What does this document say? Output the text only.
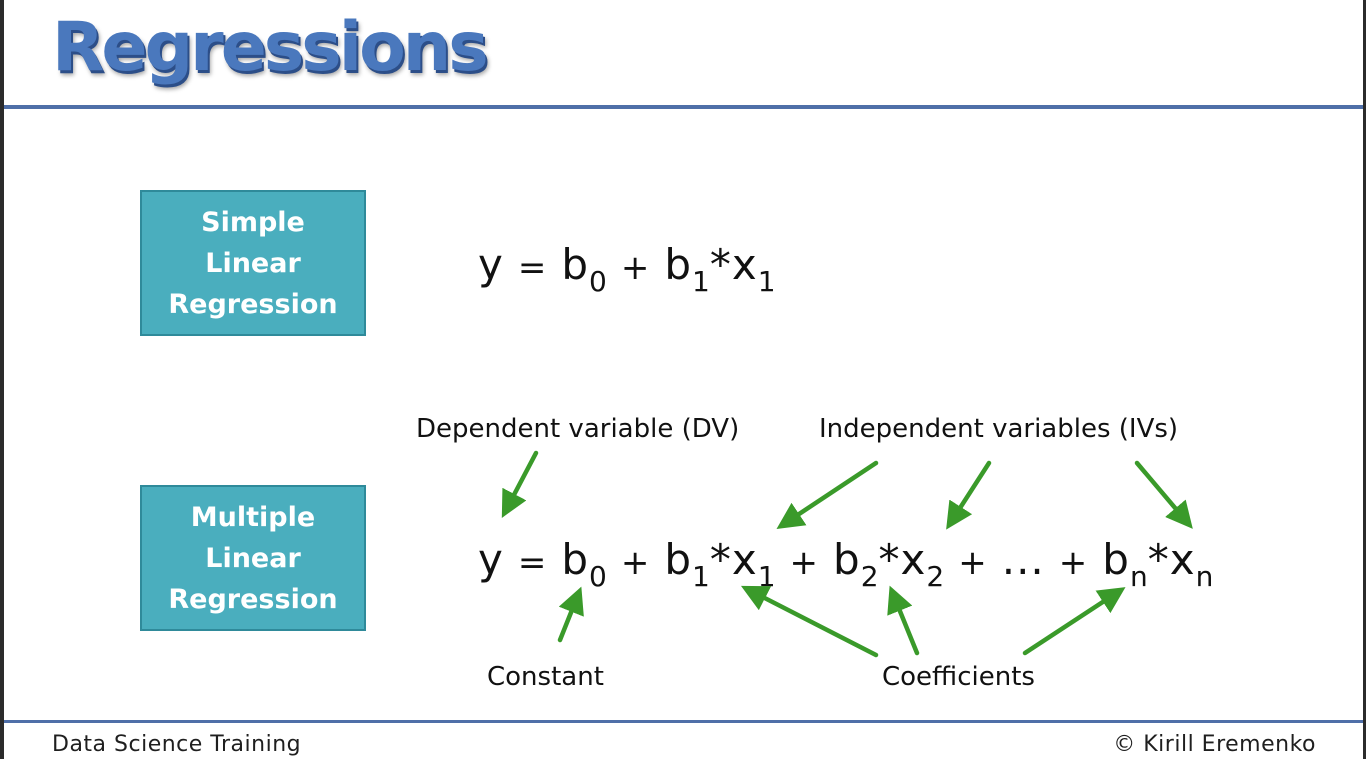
Regressions
Simple
Linear
Regression
$y = b_0 + b_1*x_1$
Dependent variable (DV)	Independent variables (IVs)
Multiple
Linear
Regression
$y = b_0 + b_1*x_1 + b_2*x_2$ + ... + $b_n*x_n$
Constant	Coefficients
Data Science Training	© Kirill Eremenko
